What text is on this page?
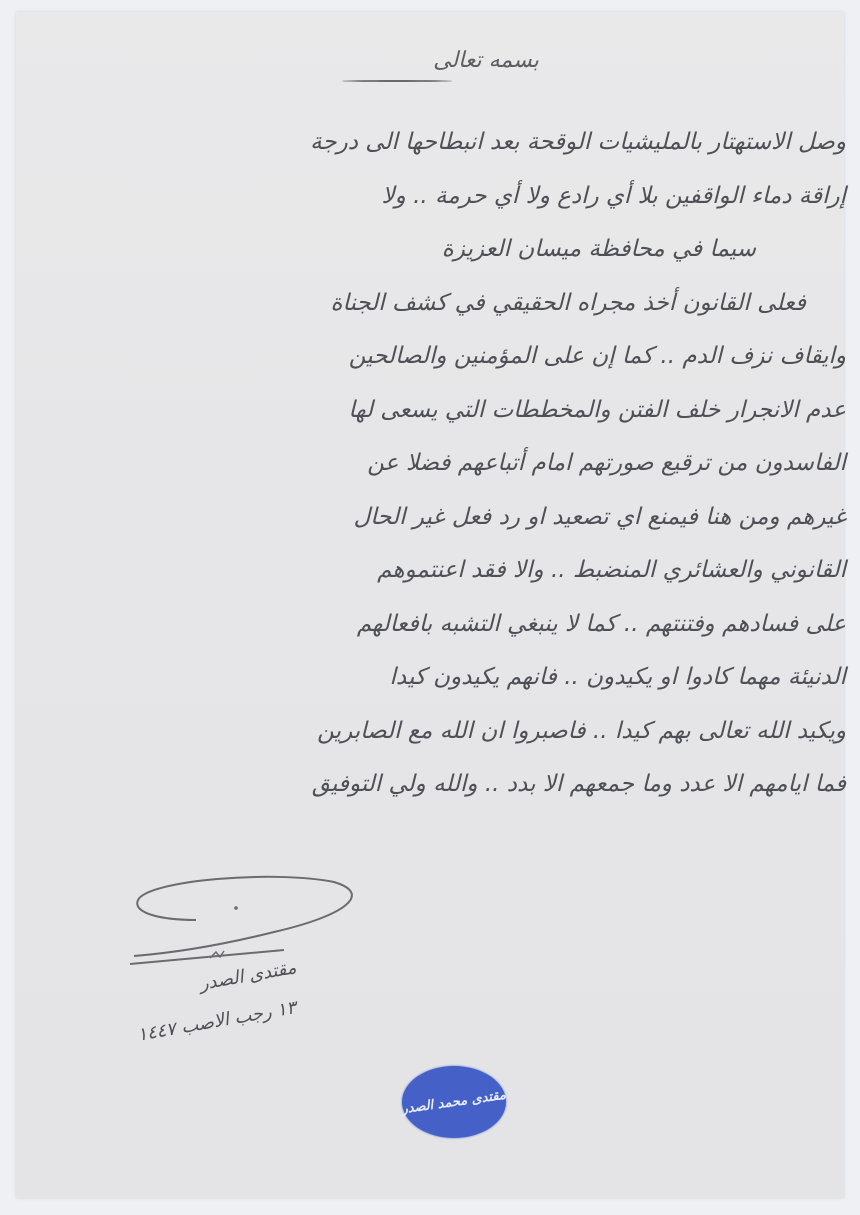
بسمه تعالى
وصل الاستهتار بالمليشيات الوقحة بعد انبطاحها الى درجة
إراقة دماء الواقفين بلا أي رادع ولا أي حرمة .. ولا
سيما في محافظة ميسان العزيزة
فعلى القانون أخذ مجراه الحقيقي في كشف الجناة
وايقاف نزف الدم .. كما إن على المؤمنين والصالحين
عدم الانجرار خلف الفتن والمخططات التي يسعى لها
الفاسدون من ترقيع صورتهم امام أتباعهم فضلا عن
غيرهم ومن هنا فيمنع اي تصعيد او رد فعل غير الحال
القانوني والعشائري المنضبط .. والا فقد اعنتموهم
على فسادهم وفتنتهم .. كما لا ينبغي التشبه بافعالهم
الدنيئة مهما كادوا او يكيدون .. فانهم يكيدون كيدا
ويكيد الله تعالى بهم كيدا .. فاصبروا ان الله مع الصابرين
فما ايامهم الا عدد وما جمعهم الا بدد .. والله ولي التوفيق
مقتدى الصدر
١٣ رجب الاصب ١٤٤٧
مقتدى محمد الصدر
